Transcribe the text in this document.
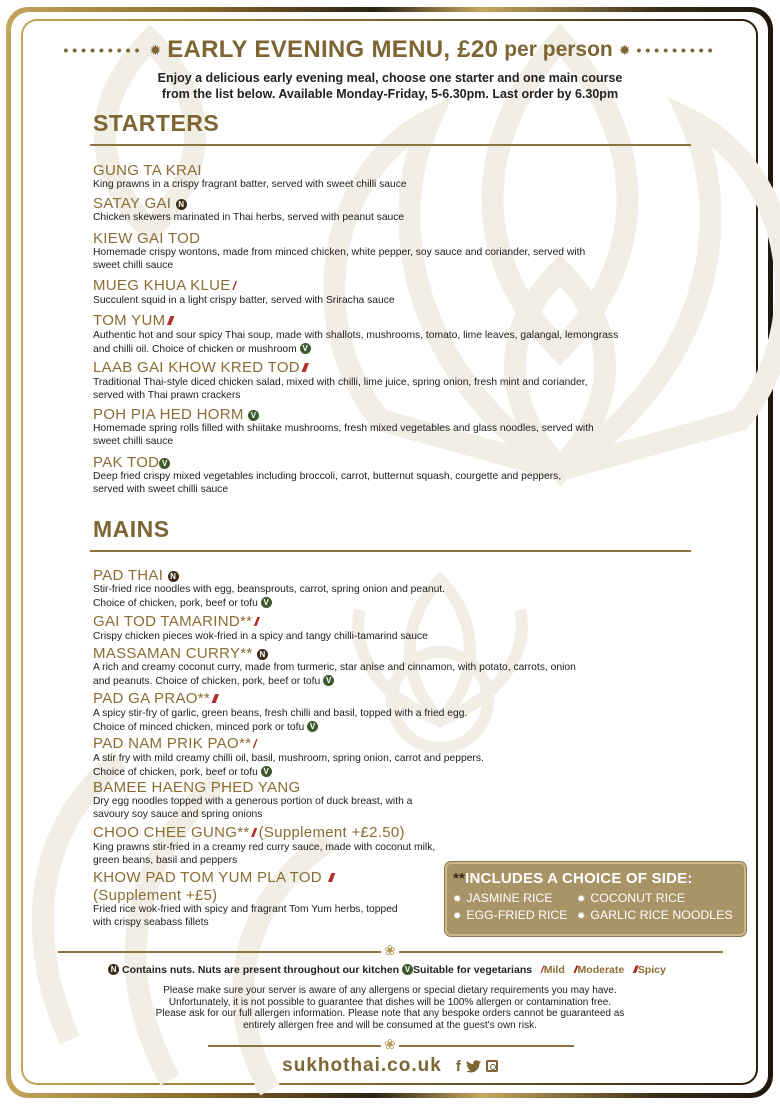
••••••••• ✹ EARLY EVENING MENU, £20 per person ✹ •••••••••
Enjoy a delicious early evening meal, choose one starter and one main course
from the list below. Available Monday-Friday, 5-6.30pm. Last order by 6.30pm
STARTERS
GUNG TA KRAI
King prawns in a crispy fragrant batter, served with sweet chilli sauce
SATAY GAI N
Chicken skewers marinated in Thai herbs, served with peanut sauce
KIEW GAI TOD
Homemade crispy wontons, made from minced chicken, white pepper, soy sauce and coriander, served with
sweet chilli sauce
MUEG KHUA KLUE /
Succulent squid in a light crispy batter, served with Sriracha sauce
TOM YUM ///
Authentic hot and sour spicy Thai soup, made with shallots, mushrooms, tomato, lime leaves, galangal, lemongrass
and chilli oil. Choice of chicken or mushroom V
LAAB GAI KHOW KRED TOD ///
Traditional Thai-style diced chicken salad, mixed with chilli, lime juice, spring onion, fresh mint and coriander,
served with Thai prawn crackers
POH PIA HED HORM V
Homemade spring rolls filled with shiitake mushrooms, fresh mixed vegetables and glass noodles, served with
sweet chilli sauce
PAK TOD V
Deep fried crispy mixed vegetables including broccoli, carrot, butternut squash, courgette and peppers,
served with sweet chilli sauce
MAINS
PAD THAI N
Stir-fried rice noodles with egg, beansprouts, carrot, spring onion and peanut.
Choice of chicken, pork, beef or tofu V
GAI TOD TAMARIND** //
Crispy chicken pieces wok-fried in a spicy and tangy chilli-tamarind sauce
MASSAMAN CURRY** N
A rich and creamy coconut curry, made from turmeric, star anise and cinnamon, with potato, carrots, onion
and peanuts. Choice of chicken, pork, beef or tofu V
PAD GA PRAO** ///
A spicy stir-fry of garlic, green beans, fresh chilli and basil, topped with a fried egg.
Choice of minced chicken, minced pork or tofu V
PAD NAM PRIK PAO** /
A stir fry with mild creamy chilli oil, basil, mushroom, spring onion, carrot and peppers.
Choice of chicken, pork, beef or tofu V
BAMEE HAENG PHED YANG
Dry egg noodles topped with a generous portion of duck breast, with a
savoury soy sauce and spring onions
CHOO CHEE GUNG** // (Supplement +£2.50)
King prawns stir-fried in a creamy red curry sauce, made with coconut milk,
green beans, basil and peppers
KHOW PAD TOM YUM PLA TOD ///
(Supplement +£5)
Fried rice wok-fried with spicy and fragrant Tom Yum herbs, topped
with crispy seabass fillets
**INCLUDES A CHOICE OF SIDE:
✹ JASMINE RICE	✹ COCONUT RICE
✹ EGG-FRIED RICE	✹ GARLIC RICE NOODLES
❀
N Contains nuts. Nuts are present throughout our kitchen V Suitable for vegetarians / Mild // Moderate /// Spicy
Please make sure your server is aware of any allergens or special dietary requirements you may have.
Unfortunately, it is not possible to guarantee that dishes will be 100% allergen or contamination free.
Please ask for our full allergen information. Please note that any bespoke orders cannot be guaranteed as
entirely allergen free and will be consumed at the guest's own risk.
❀
sukhothai.co.uk f
